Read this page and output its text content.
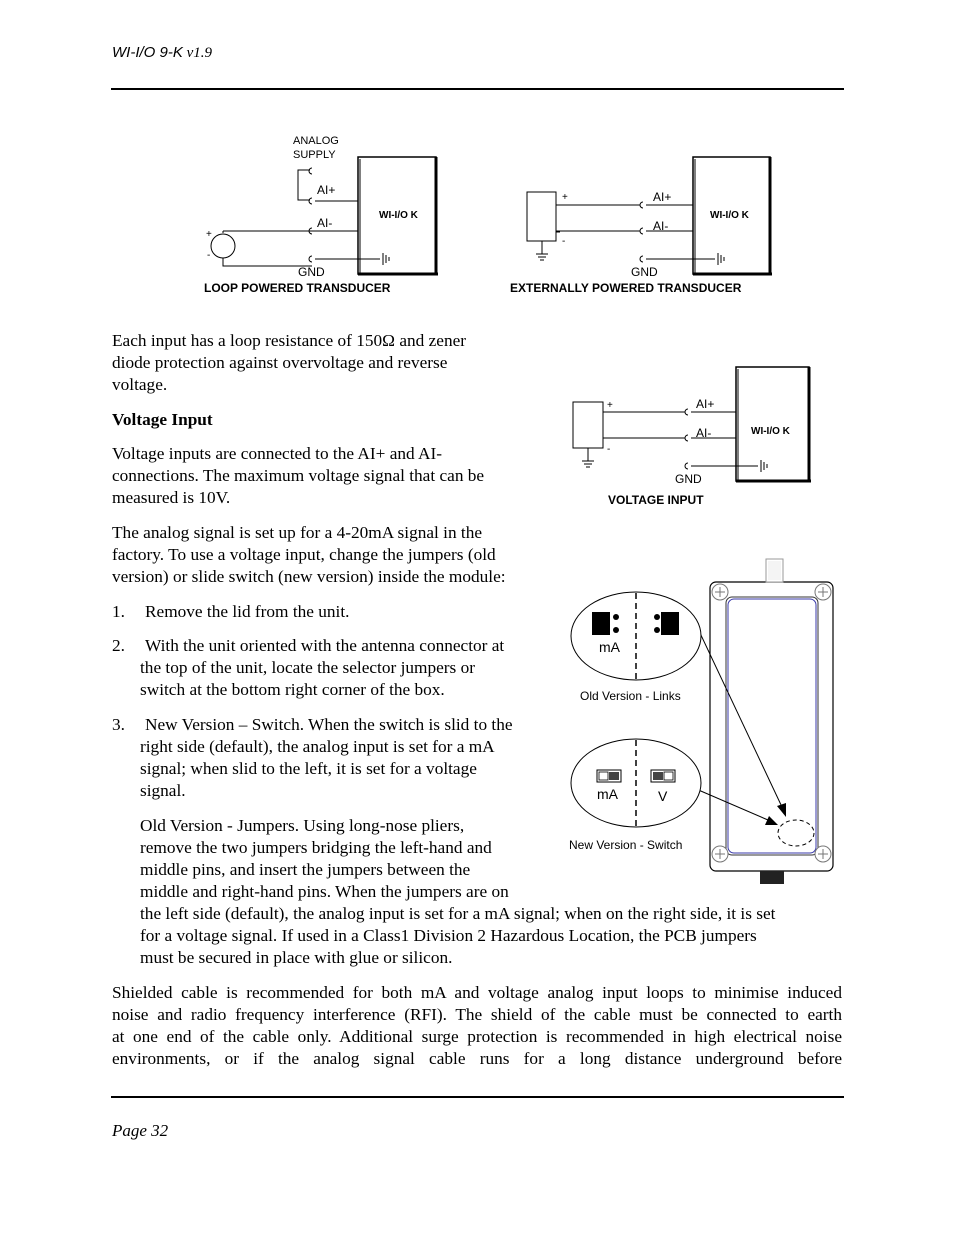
WI-I/O 9-K v1.9
ANALOG
SUPPLY
WI-I/O K
AI+
AI-
+
-
GND
LOOP POWERED TRANSDUCER
WI-I/O K
+
-
AI+
AI-
GND
EXTERNALLY POWERED TRANSDUCER
WI-I/O K
+
-
AI+
AI-
GND
VOLTAGE INPUT
mA
Old Version - Links
mA	V
New Version - Switch

Each input has a loop resistance of 150Ω and zener

diode protection against overvoltage and reverse

voltage.

Voltage Input

Voltage inputs are connected to the AI+ and AI-

connections. The maximum voltage signal that can be

measured is 10V.

The analog signal is set up for a 4-20mA signal in the

factory. To use a voltage input, change the jumpers (old

version) or slide switch (new version) inside the module:

1. Remove the lid from the unit.
2. With the unit oriented with the antenna connector at

the top of the unit, locate the selector jumpers or

switch at the bottom right corner of the box.

3. New Version – Switch. When the switch is slid to the

right side (default), the analog input is set for a mA

signal; when slid to the left, it is set for a voltage

signal.

Old Version - Jumpers. Using long-nose pliers,

remove the two jumpers bridging the left-hand and

middle pins, and insert the jumpers between the

middle and right-hand pins. When the jumpers are on

the left side (default), the analog input is set for a mA signal; when on the right side, it is set

for a voltage signal. If used in a Class1 Division 2 Hazardous Location, the PCB jumpers

must be secured in place with glue or silicon.

Shielded cable is recommended for both mA and voltage analog input loops to minimise induced

noise and radio frequency interference (RFI). The shield of the cable must be connected to earth

at one end of the cable only. Additional surge protection is recommended in high electrical noise

environments, or if the analog signal cable runs for a long distance underground before

Page 32
